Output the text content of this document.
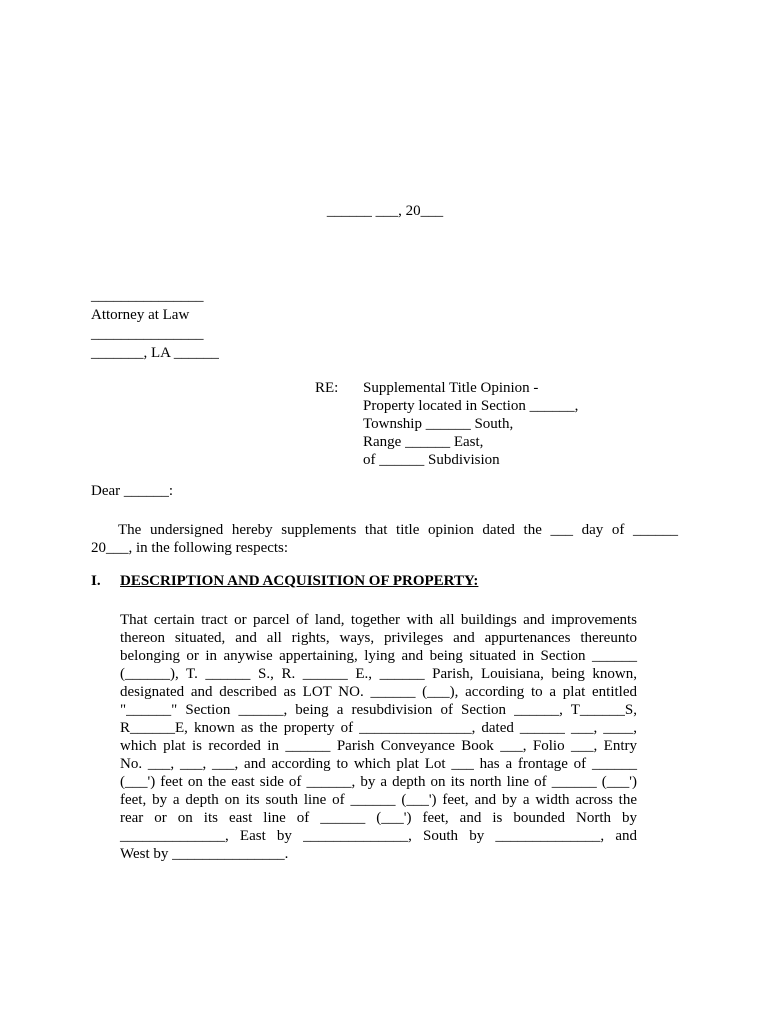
______ ___, 20___
_______________
Attorney at Law
_______________
_______, LA ______
RE:	Supplemental Title Opinion -
Property located in Section ______,
Township ______ South,
Range ______ East,
of ______ Subdivision
Dear ______:
The undersigned hereby supplements that title opinion dated the ___ day of ______
20___, in the following respects:
I.	DESCRIPTION AND ACQUISITION OF PROPERTY:
That certain tract or parcel of land, together with all buildings and improvements
thereon situated, and all rights, ways, privileges and appurtenances thereunto
belonging or in anywise appertaining, lying and being situated in Section ______
(______), T. ______ S., R. ______ E., ______ Parish, Louisiana, being known,
designated and described as LOT NO. ______ (___), according to a plat entitled
"______" Section ______, being a resubdivision of Section ______, T______S,
R______E, known as the property of _______________, dated ______ ___, ____,
which plat is recorded in ______ Parish Conveyance Book ___, Folio ___, Entry
No. ___, ___, ___, and according to which plat Lot ___ has a frontage of ______
(___') feet on the east side of ______, by a depth on its north line of ______ (___')
feet, by a depth on its south line of ______ (___') feet, and by a width across the
rear or on its east line of ______ (___') feet, and is bounded North by
______________, East by ______________, South by ______________, and
West by _______________.
